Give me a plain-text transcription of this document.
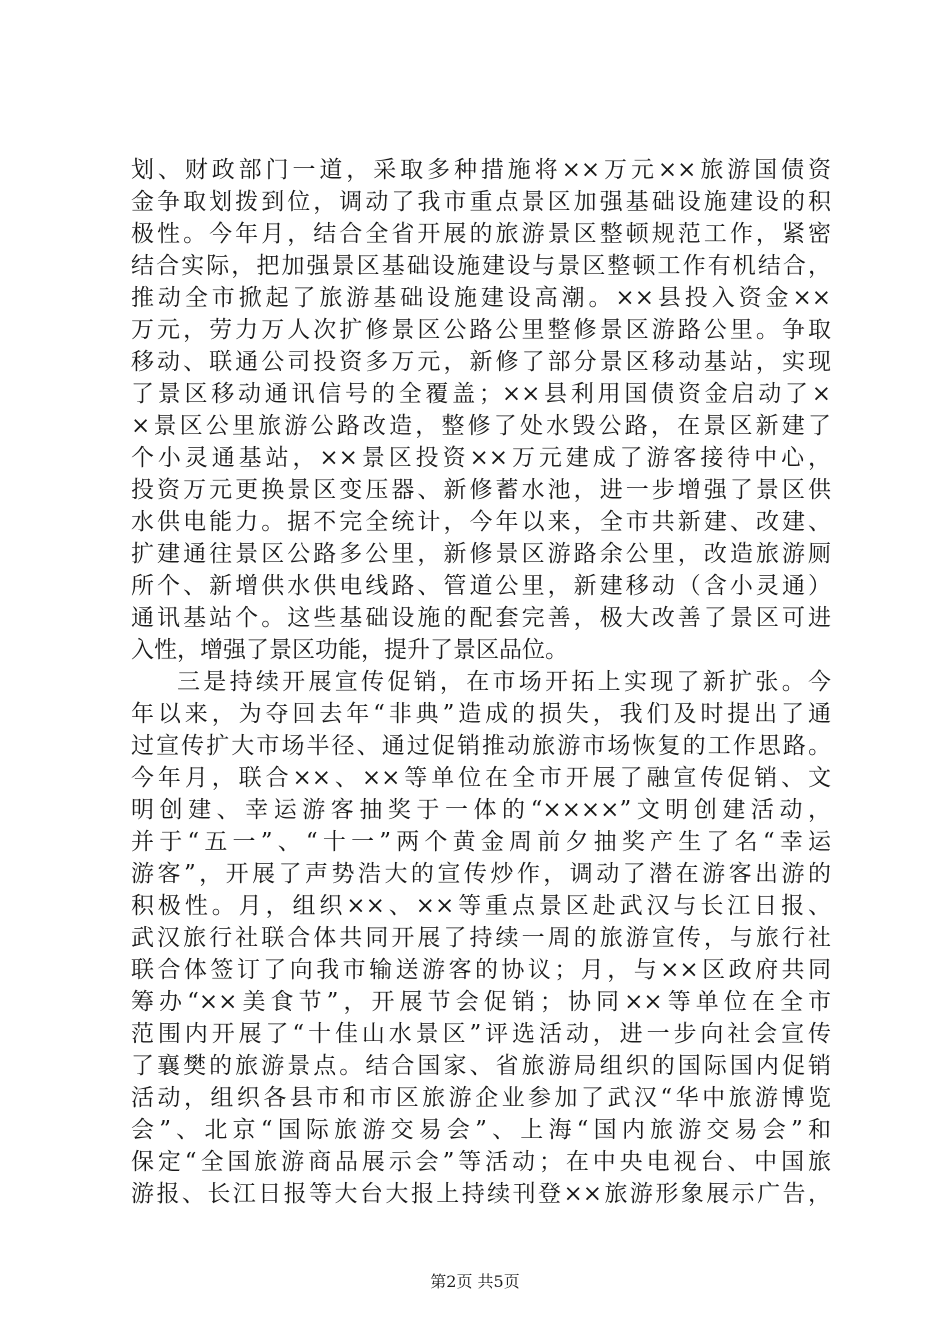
划、财政部门一道，采取多种措施将××万元××旅游国债资
金争取划拨到位，调动了我市重点景区加强基础设施建设的积
极性。今年月，结合全省开展的旅游景区整顿规范工作，紧密
结合实际，把加强景区基础设施建设与景区整顿工作有机结合，
推动全市掀起了旅游基础设施建设高潮。××县投入资金××
万元，劳力万人次扩修景区公路公里整修景区游路公里。争取
移动、联通公司投资多万元，新修了部分景区移动基站，实现
了景区移动通讯信号的全覆盖；××县利用国债资金启动了×
×景区公里旅游公路改造，整修了处水毁公路，在景区新建了
个小灵通基站，××景区投资××万元建成了游客接待中心，
投资万元更换景区变压器、新修蓄水池，进一步增强了景区供
水供电能力。据不完全统计，今年以来，全市共新建、改建、
扩建通往景区公路多公里，新修景区游路余公里，改造旅游厕
所个、新增供水供电线路、管道公里，新建移动（含小灵通）
通讯基站个。这些基础设施的配套完善，极大改善了景区可进
入性，增强了景区功能，提升了景区品位。
三是持续开展宣传促销，在市场开拓上实现了新扩张。今
年以来，为夺回去年“非典”造成的损失，我们及时提出了通
过宣传扩大市场半径、通过促销推动旅游市场恢复的工作思路。
今年月，联合××、××等单位在全市开展了融宣传促销、文
明创建、幸运游客抽奖于一体的“××××”文明创建活动，
并于“五一”、“十一”两个黄金周前夕抽奖产生了名“幸运
游客”，开展了声势浩大的宣传炒作，调动了潜在游客出游的
积极性。月，组织××、××等重点景区赴武汉与长江日报、
武汉旅行社联合体共同开展了持续一周的旅游宣传，与旅行社
联合体签订了向我市输送游客的协议；月，与××区政府共同
筹办“××美食节”，开展节会促销；协同××等单位在全市
范围内开展了“十佳山水景区”评选活动，进一步向社会宣传
了襄樊的旅游景点。结合国家、省旅游局组织的国际国内促销
活动，组织各县市和市区旅游企业参加了武汉“华中旅游博览
会”、北京“国际旅游交易会”、上海“国内旅游交易会”和
保定“全国旅游商品展示会”等活动；在中央电视台、中国旅
游报、长江日报等大台大报上持续刊登××旅游形象展示广告，
第2页 共5页
